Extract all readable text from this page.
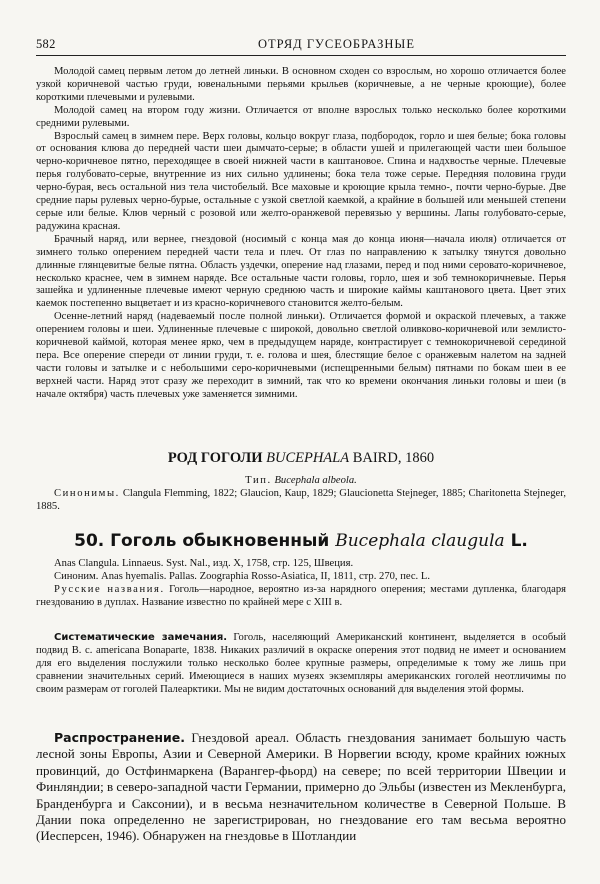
582	ОТРЯД ГУСЕОБРАЗНЫЕ

Молодой самец первым летом до летней линьки. В основном сходен со взрослым, но хорошо отличается более узкой коричневой частью груди, ювенальными перьями крыльев (коричневые, а не черные кроющие), более короткими плечевыми и рулевыми.

Молодой самец на втором году жизни. Отличается от вполне взрослых только несколько более короткими средними рулевыми.

Взрослый самец в зимнем пере. Верх головы, кольцо вокруг глаза, подбородок, горло и шея белые; бока головы от основания клюва до передней части шеи дымчато-серые; в области ушей и прилегающей части шеи большое черно-коричневое пятно, переходящее в своей нижней части в каштановое. Спина и надхвостье черные. Плечевые перья голубовато-серые, внутренние из них сильно удлинены; бока тела тоже серые. Передняя половина груди черно-бурая, весь остальной низ тела чистобелый. Все маховые и кроющие крыла темно-, почти черно-бурые. Две средние пары рулевых черно-бурые, остальные с узкой светлой каемкой, а крайние в большей или меньшей степени серые или белые. Клюв черный с розовой или желто-оранжевой перевязью у вершины. Лапы голубовато-серые, радужина красная.

Брачный наряд, или вернее, гнездовой (носимый с конца мая до конца июня—начала июля) отличается от зимнего только оперением передней части тела и плеч. От глаз по направлению к затылку тянутся довольно длинные глянцевитые белые пятна. Область уздечки, оперение над глазами, перед и под ними серовато-коричневое, несколько краснее, чем в зимнем наряде. Все остальные части головы, горло, шея и зоб темнокоричневые. Перья зашейка и удлиненные плечевые имеют черную среднюю часть и широкие каймы каштанового цвета. Цвет этих каемок постепенно выцветает и из красно-коричневого становится желто-белым.

Осенне-летний наряд (надеваемый после полной линьки). Отличается формой и окраской плечевых, а также оперением головы и шеи. Удлиненные плечевые с широкой, довольно светлой оливково-коричневой или землисто-коричневой каймой, которая менее ярко, чем в предыдущем наряде, контрастирует с темнокоричневой серединой пера. Все оперение спереди от линии груди, т. е. голова и шея, блестящие белое с оранжевым налетом на задней части головы и затылке и с небольшими серо-коричневыми (испещренными белым) пятнами по бокам шеи в ее верхней части. Наряд этот сразу же переходит в зимний, так что ко времени окончания линьки головы и шеи (в начале октября) часть плечевых уже заменяется зимними.

РОД ГОГОЛИ BUCEPHALA BAIRD, 1860

Тип. Bucephala albeola.

Синонимы. Clangula Flemming, 1822; Glaucion, Каup, 1829; Glaucionetta Stejneger, 1885; Charitonetta Stejneger, 1885.

50. Гоголь обыкновенный Bucephala claugula L.

Anas Clangula. Linnaeus. Syst. Nal., изд. X, 1758, стр. 125, Швеция.

Синоним. Anas hyemalis. Pallas. Zoographia Rosso-Asiatica, II, 1811, стр. 270, пес. L.

Русские названия. Гоголь—народное, вероятно из-за нарядного оперения; местами дупленка, благодаря гнездованию в дуплах. Название известно по крайней мере с XIII в.

Систематические замечания. Гоголь, населяющий Американский континент, выделяется в особый подвид B. c. americana Bonaparte, 1838. Никаких различий в окраске оперения этот подвид не имеет и основанием для его выделения послужили только несколько более крупные размеры, определимые к тому же лишь при сравнении значительных серий. Имеющиеся в наших музеях экземпляры американских гоголей неотличимы по своим размерам от гоголей Палеарктики. Мы не видим достаточных оснований для выделения этой формы.

Распространение. Гнездовой ареал. Область гнездования занимает большую часть лесной зоны Европы, Азии и Северной Америки. В Норвегии всюду, кроме крайних южных провинций, до Остфинмаркена (Варангер-фьорд) на севере; по всей территории Швеции и Финляндии; в северо-западной части Германии, примерно до Эльбы (известен из Мекленбурга, Бранденбурга и Саксонии), и в весьма незначительном количестве в Северной Польше. В Дании пока определенно не зарегистрирован, но гнездование его там весьма вероятно (Иесперсен, 1946). Обнаружен на гнездовье в Шотландии
